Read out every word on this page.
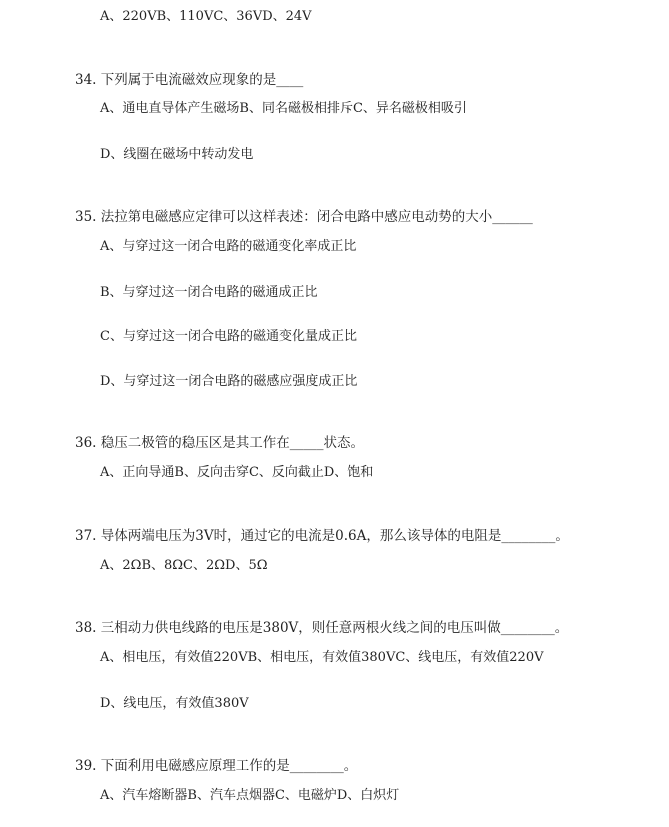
A、220VB、110VC、36VD、24V
34. 下列属于电流磁效应现象的是____
A、通电直导体产生磁场B、同名磁极相排斥C、异名磁极相吸引
D、线圈在磁场中转动发电
35. 法拉第电磁感应定律可以这样表述：闭合电路中感应电动势的大小______
A、与穿过这一闭合电路的磁通变化率成正比
B、与穿过这一闭合电路的磁通成正比
C、与穿过这一闭合电路的磁通变化量成正比
D、与穿过这一闭合电路的磁感应强度成正比
36. 稳压二极管的稳压区是其工作在_____状态。
A、正向导通B、反向击穿C、反向截止D、饱和
37. 导体两端电压为3V时，通过它的电流是0.6A，那么该导体的电阻是________。
A、2ΩB、8ΩC、2ΩD、5Ω
38. 三相动力供电线路的电压是380V，则任意两根火线之间的电压叫做________。
A、相电压，有效值220VB、相电压，有效值380VC、线电压，有效值220V
D、线电压，有效值380V
39. 下面利用电磁感应原理工作的是________。
A、汽车熔断器B、汽车点烟器C、电磁炉D、白炽灯
